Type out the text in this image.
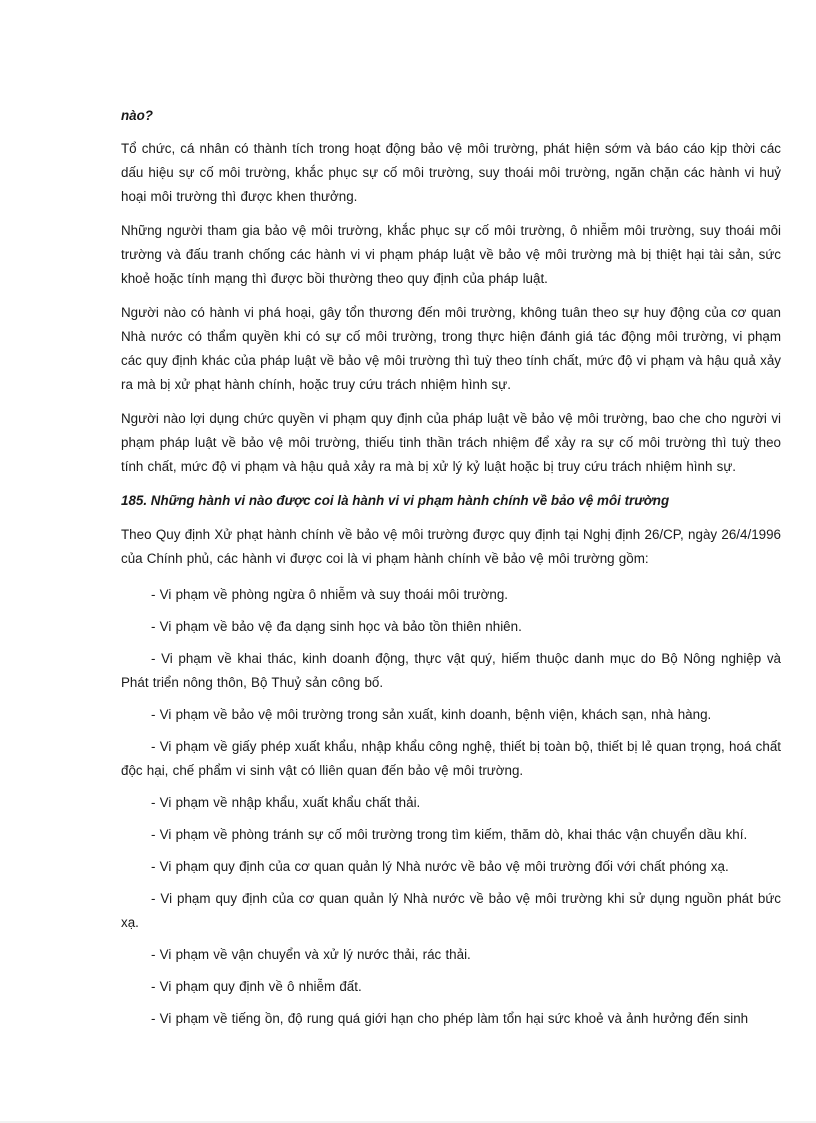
nào?

Tổ chức, cá nhân có thành tích trong hoạt động bảo vệ môi trường, phát hiện sớm và báo cáo kịp thời các dấu hiệu sự cố môi trường, khắc phục sự cố môi trường, suy thoái môi trường, ngăn chặn các hành vi huỷ hoại môi trường thì được khen thưởng.

Những người tham gia bảo vệ môi trường, khắc phục sự cố môi trường, ô nhiễm môi trường, suy thoái môi trường và đấu tranh chống các hành vi vi phạm pháp luật về bảo vệ môi trường mà bị thiệt hại tài sản, sức khoẻ hoặc tính mạng thì được bồi thường theo quy định của pháp luật.

Người nào có hành vi phá hoại, gây tổn thương đến môi trường, không tuân theo sự huy động của cơ quan Nhà nước có thẩm quyền khi có sự cố môi trường, trong thực hiện đánh giá tác động môi trường, vi phạm các quy định khác của pháp luật về bảo vệ môi trường thì tuỳ theo tính chất, mức độ vi phạm và hậu quả xảy ra mà bị xử phạt hành chính, hoặc truy cứu trách nhiệm hình sự.

Người nào lợi dụng chức quyền vi phạm quy định của pháp luật về bảo vệ môi trường, bao che cho người vi phạm pháp luật về bảo vệ môi trường, thiếu tinh thần trách nhiệm để xảy ra sự cố môi trường thì tuỳ theo tính chất, mức độ vi phạm và hậu quả xảy ra mà bị xử lý kỷ luật hoặc bị truy cứu trách nhiệm hình sự.

185. Những hành vi nào được coi là hành vi vi phạm hành chính về bảo vệ môi trường

Theo Quy định Xử phạt hành chính về bảo vệ môi trường được quy định tại Nghị định 26/CP, ngày 26/4/1996 của Chính phủ, các hành vi được coi là vi phạm hành chính về bảo vệ môi trường gồm:

- Vi phạm về phòng ngừa ô nhiễm và suy thoái môi trường.

- Vi phạm về bảo vệ đa dạng sinh học và bảo tồn thiên nhiên.

- Vi phạm về khai thác, kinh doanh động, thực vật quý, hiếm thuộc danh mục do Bộ Nông nghiệp và Phát triển nông thôn, Bộ Thuỷ sản công bố.

- Vi phạm về bảo vệ môi trường trong sản xuất, kinh doanh, bệnh viện, khách sạn, nhà hàng.

- Vi phạm về giấy phép xuất khẩu, nhập khẩu công nghệ, thiết bị toàn bộ, thiết bị lẻ quan trọng, hoá chất độc hại, chế phẩm vi sinh vật có lliên quan đến bảo vệ môi trường.

- Vi phạm về nhập khẩu, xuất khẩu chất thải.

- Vi phạm về phòng tránh sự cố môi trường trong tìm kiếm, thăm dò, khai thác vận chuyển dầu khí.

- Vi phạm quy định của cơ quan quản lý Nhà nước về bảo vệ môi trường đối với chất phóng xạ.

- Vi phạm quy định của cơ quan quản lý Nhà nước về bảo vệ môi trường khi sử dụng nguồn phát bức xạ.

- Vi phạm về vận chuyển và xử lý nước thải, rác thải.

- Vi phạm quy định về ô nhiễm đất.

- Vi phạm về tiếng ồn, độ rung quá giới hạn cho phép làm tổn hại sức khoẻ và ảnh hưởng đến sinh
